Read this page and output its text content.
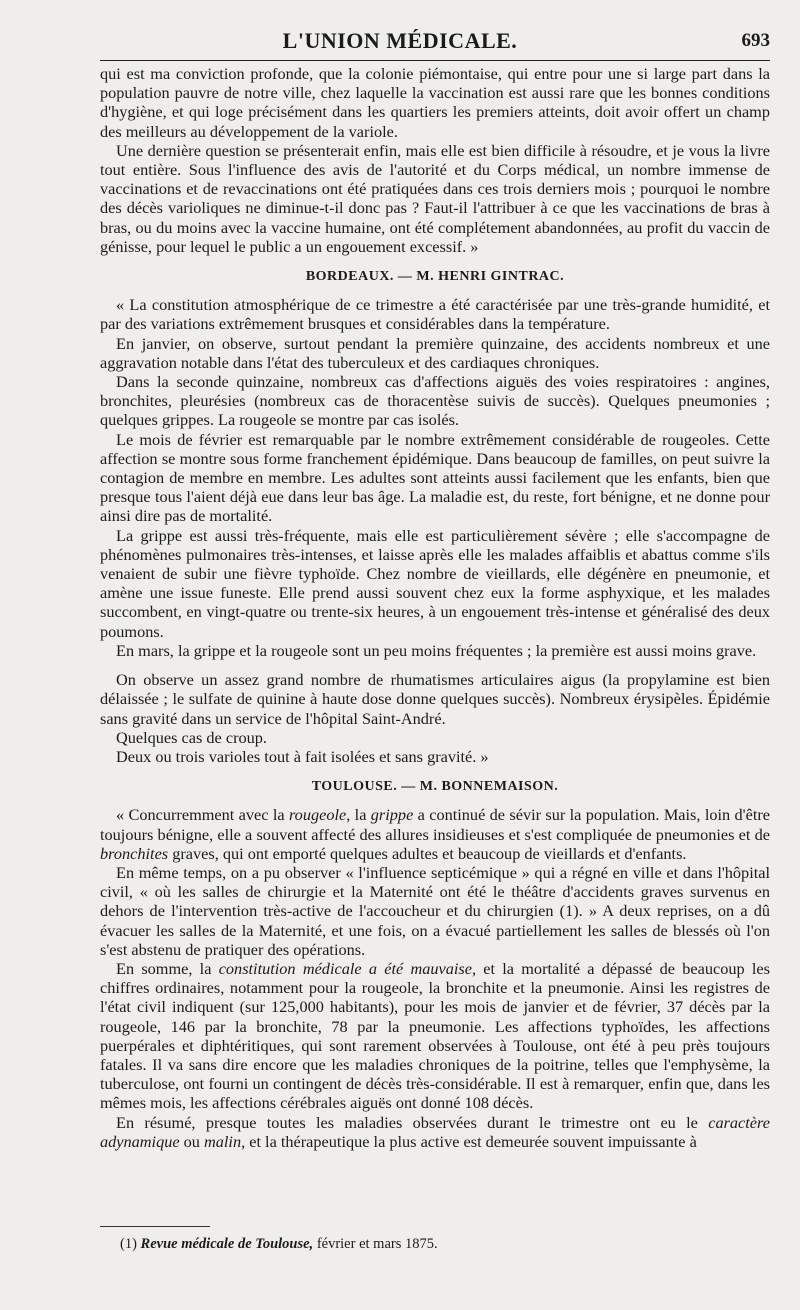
L'UNION MÉDICALE.	693

qui est ma conviction profonde, que la colonie piémontaise, qui entre pour une si large part dans la population pauvre de notre ville, chez laquelle la vaccination est aussi rare que les bonnes conditions d'hygiène, et qui loge précisément dans les quartiers les premiers atteints, doit avoir offert un champ des meilleurs au développement de la variole.

Une dernière question se présenterait enfin, mais elle est bien difficile à résoudre, et je vous la livre tout entière. Sous l'influence des avis de l'autorité et du Corps médical, un nombre immense de vaccinations et de revaccinations ont été pratiquées dans ces trois derniers mois ; pourquoi le nombre des décès varioliques ne diminue-t-il donc pas ? Faut-il l'attribuer à ce que les vaccinations de bras à bras, ou du moins avec la vaccine humaine, ont été complétement abandonnées, au profit du vaccin de génisse, pour lequel le public a un engouement excessif. »

BORDEAUX. — M. HENRI GINTRAC.

« La constitution atmosphérique de ce trimestre a été caractérisée par une très-grande humidité, et par des variations extrêmement brusques et considérables dans la température.

En janvier, on observe, surtout pendant la première quinzaine, des accidents nombreux et une aggravation notable dans l'état des tuberculeux et des cardiaques chroniques.

Dans la seconde quinzaine, nombreux cas d'affections aiguës des voies respiratoires : angines, bronchites, pleurésies (nombreux cas de thoracentèse suivis de succès). Quelques pneumonies ; quelques grippes. La rougeole se montre par cas isolés.

Le mois de février est remarquable par le nombre extrêmement considérable de rougeoles. Cette affection se montre sous forme franchement épidémique. Dans beaucoup de familles, on peut suivre la contagion de membre en membre. Les adultes sont atteints aussi facilement que les enfants, bien que presque tous l'aient déjà eue dans leur bas âge. La maladie est, du reste, fort bénigne, et ne donne pour ainsi dire pas de mortalité.

La grippe est aussi très-fréquente, mais elle est particulièrement sévère ; elle s'accompagne de phénomènes pulmonaires très-intenses, et laisse après elle les malades affaiblis et abattus comme s'ils venaient de subir une fièvre typhoïde. Chez nombre de vieillards, elle dégénère en pneumonie, et amène une issue funeste. Elle prend aussi souvent chez eux la forme asphyxique, et les malades succombent, en vingt-quatre ou trente-six heures, à un engouement très-intense et généralisé des deux poumons.

En mars, la grippe et la rougeole sont un peu moins fréquentes ; la première est aussi moins grave.

On observe un assez grand nombre de rhumatismes articulaires aigus (la propylamine est bien délaissée ; le sulfate de quinine à haute dose donne quelques succès). Nombreux érysipèles. Épidémie sans gravité dans un service de l'hôpital Saint-André.

Quelques cas de croup.

Deux ou trois varioles tout à fait isolées et sans gravité. »

TOULOUSE. — M. BONNEMAISON.

« Concurremment avec la rougeole, la grippe a continué de sévir sur la population. Mais, loin d'être toujours bénigne, elle a souvent affecté des allures insidieuses et s'est compliquée de pneumonies et de bronchites graves, qui ont emporté quelques adultes et beaucoup de vieillards et d'enfants.

En même temps, on a pu observer « l'influence septicémique » qui a régné en ville et dans l'hôpital civil, « où les salles de chirurgie et la Maternité ont été le théâtre d'accidents graves survenus en dehors de l'intervention très-active de l'accoucheur et du chirurgien (1). » A deux reprises, on a dû évacuer les salles de la Maternité, et une fois, on a évacué partiellement les salles de blessés où l'on s'est abstenu de pratiquer des opérations.

En somme, la constitution médicale a été mauvaise, et la mortalité a dépassé de beaucoup les chiffres ordinaires, notamment pour la rougeole, la bronchite et la pneumonie. Ainsi les registres de l'état civil indiquent (sur 125,000 habitants), pour les mois de janvier et de février, 37 décès par la rougeole, 146 par la bronchite, 78 par la pneumonie. Les affections typhoïdes, les affections puerpérales et diphtéritiques, qui sont rarement observées à Toulouse, ont été à peu près toujours fatales. Il va sans dire encore que les maladies chroniques de la poitrine, telles que l'emphysème, la tuberculose, ont fourni un contingent de décès très-considérable. Il est à remarquer, enfin que, dans les mêmes mois, les affections cérébrales aiguës ont donné 108 décès.

En résumé, presque toutes les maladies observées durant le trimestre ont eu le caractère adynamique ou malin, et la thérapeutique la plus active est demeurée souvent impuissante à

(1) Revue médicale de Toulouse, février et mars 1875.
